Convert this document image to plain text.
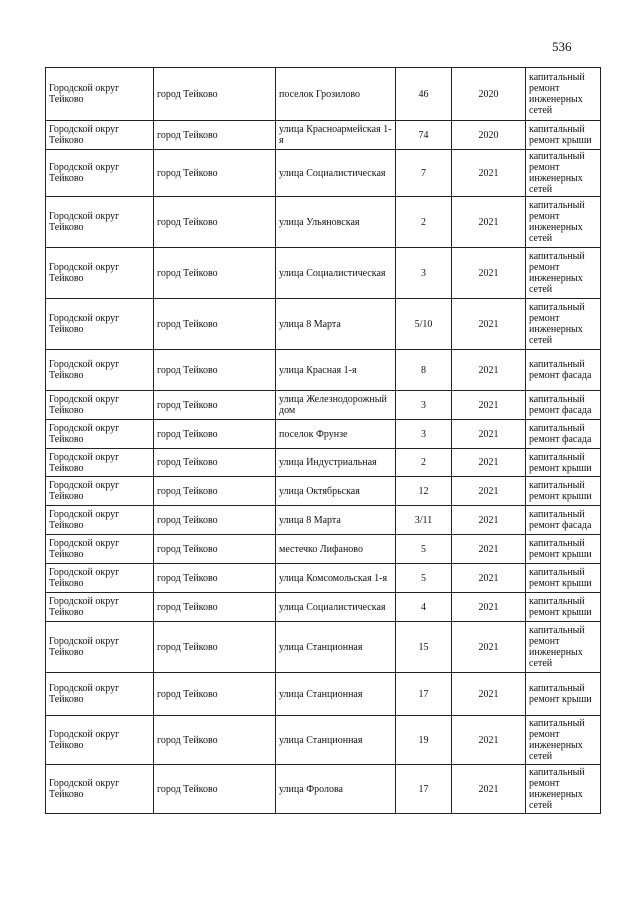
536
Городской округ Тейково	город Тейково	поселок Грозилово	46	2020	капитальный ремонт инженерных сетей
Городской округ Тейково	город Тейково	улица Красноармейская 1-я	74	2020	капитальный ремонт крыши
Городской округ Тейково	город Тейково	улица Социалистическая	7	2021	капитальный ремонт инженерных сетей
Городской округ Тейково	город Тейково	улица Ульяновская	2	2021	капитальный ремонт инженерных сетей
Городской округ Тейково	город Тейково	улица Социалистическая	3	2021	капитальный ремонт инженерных сетей
Городской округ Тейково	город Тейково	улица 8 Марта	5/10	2021	капитальный ремонт инженерных сетей
Городской округ Тейково	город Тейково	улица Красная 1-я	8	2021	капитальный ремонт фасада
Городской округ Тейково	город Тейково	улица Железнодорожный дом	3	2021	капитальный ремонт фасада
Городской округ Тейково	город Тейково	поселок Фрунзе	3	2021	капитальный ремонт фасада
Городской округ Тейково	город Тейково	улица Индустриальная	2	2021	капитальный ремонт крыши
Городской округ Тейково	город Тейково	улица Октябрьская	12	2021	капитальный ремонт крыши
Городской округ Тейково	город Тейково	улица 8 Марта	3/11	2021	капитальный ремонт фасада
Городской округ Тейково	город Тейково	местечко Лифаново	5	2021	капитальный ремонт крыши
Городской округ Тейково	город Тейково	улица Комсомольская 1-я	5	2021	капитальный ремонт крыши
Городской округ Тейково	город Тейково	улица Социалистическая	4	2021	капитальный ремонт крыши
Городской округ Тейково	город Тейково	улица Станционная	15	2021	капитальный ремонт инженерных сетей
Городской округ Тейково	город Тейково	улица Станционная	17	2021	капитальный ремонт крыши
Городской округ Тейково	город Тейково	улица Станционная	19	2021	капитальный ремонт инженерных сетей
Городской округ Тейково	город Тейково	улица Фролова	17	2021	капитальный ремонт инженерных сетей
